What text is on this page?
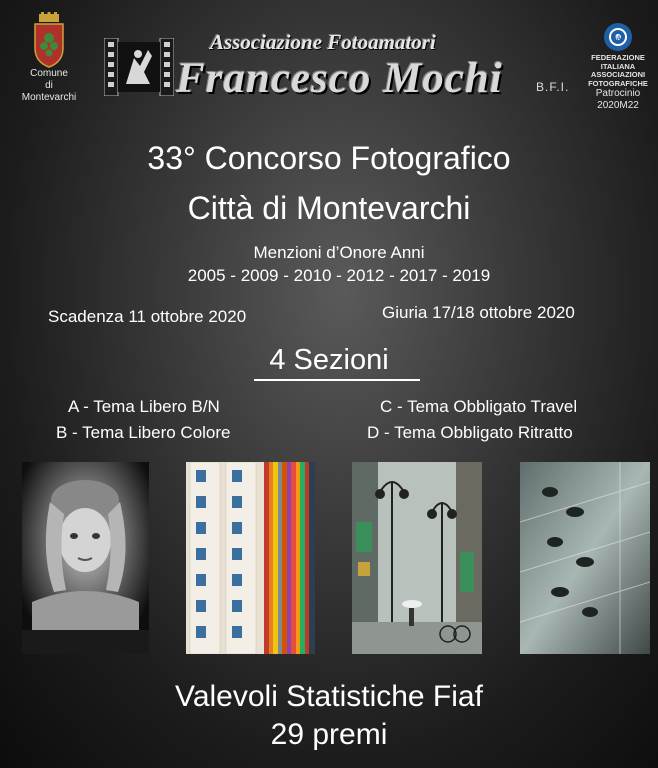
Comune
di
Montevarchi
Associazione Fotoamatori
Francesco Mochi	B.F.I.
FIAF
FEDERAZIONE
ITALIANA
ASSOCIAZIONI
FOTOGRAFICHE
Patrocinio
2020M22
33° Concorso Fotografico
Città di Montevarchi
Menzioni d’Onore Anni
2005 - 2009 - 2010 - 2012 - 2017 - 2019
Scadenza 11 ottobre 2020	Giuria 17/18 ottobre 2020
4 Sezioni
A - Tema Libero B/N
B - Tema Libero Colore
C - Tema Obbligato Travel
D - Tema Obbligato Ritratto
Valevoli Statistiche Fiaf
29 premi
